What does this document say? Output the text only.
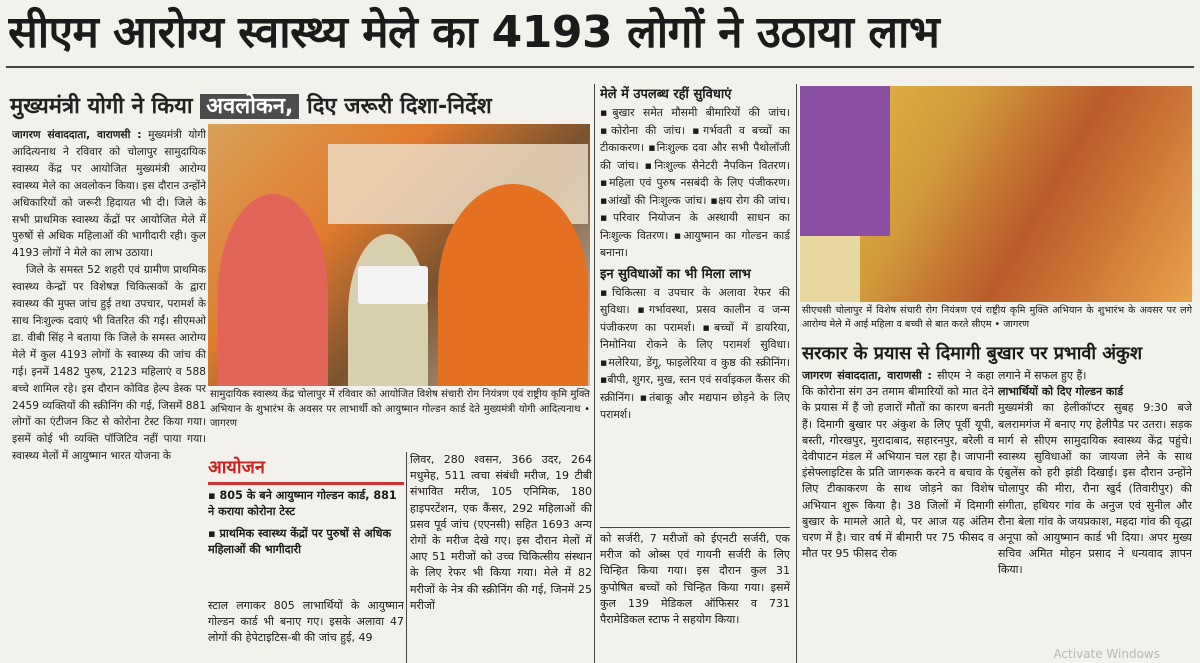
सीएम आरोग्य स्वास्थ्य मेले का 4193 लोगों ने उठाया लाभ
मुख्यमंत्री योगी ने किया अवलोकन, दिए जरूरी दिशा-निर्देश

जागरण संवाददाता, वाराणसी : मुख्यमंत्री योगी आदित्यनाथ ने रविवार को चोलापुर सामुदायिक स्वास्थ्य केंद्र पर आयोजित मुख्यमंत्री आरोग्य स्वास्थ्य मेले का अवलोकन किया। इस दौरान उन्होंने अधिकारियों को जरूरी हिदायत भी दी। जिले के सभी प्राथमिक स्वास्थ्य केंद्रों पर आयोजित मेले में पुरुषों से अधिक महिलाओं की भागीदारी रही। कुल 4193 लोगों ने मेले का लाभ उठाया।

जिले के समस्त 52 शहरी एवं ग्रामीण प्राथमिक स्वास्थ्य केन्द्रों पर विशेषज्ञ चिकित्सकों के द्वारा स्वास्थ्य की मुफ्त जांच हुई तथा उपचार, परामर्श के साथ निःशुल्क दवाएं भी वितरित की गईं। सीएमओ डा. वीबी सिंह ने बताया कि जिले के समस्त आरोग्य मेले में कुल 4193 लोगों के स्वास्थ्य की जांच की गई। इनमें 1482 पुरुष, 2123 महिलाएं व 588 बच्चे शामिल रहे। इस दौरान कोविड हेल्प डेस्क पर 2459 व्यक्तियों की स्क्रीनिंग की गई, जिसमें 881 लोगों का एंटीजन किट से कोरोना टेस्ट किया गया। इसमें कोई भी व्यक्ति पॉजिटिव नहीं पाया गया। स्वास्थ्य मेलों में आयुष्मान भारत योजना के

सामुदायिक स्वास्थ्य केंद्र चोलापुर में रविवार को आयोजित विशेष संचारी रोग नियंत्रण एवं राष्ट्रीय कृमि मुक्ति अभियान के शुभारंभ के अवसर पर लाभार्थी को आयुष्मान गोल्डन कार्ड देते मुख्यमंत्री योगी आदित्यनाथ • जागरण
आयोजन
▪ 805 के बने आयुष्मान गोल्डन कार्ड, 881 ने कराया कोरोना टेस्ट
▪ प्राथमिक स्वास्थ्य केंद्रों पर पुरुषों से अधिक महिलाओं की भागीदारी
स्टाल लगाकर 805 लाभार्थियों के आयुष्मान गोल्डन कार्ड भी बनाए गए। इसके अलावा 47 लोगों की हेपेटाइटिस-बी की जांच हुई, 49
लिवर, 280 श्वसन, 366 उदर, 264 मधुमेह, 511 त्वचा संबंधी मरीज, 19 टीबी संभावित मरीज, 105 एनिमिक, 180 हाइपरटेंशन, एक कैंसर, 292 महिलाओं की प्रसव पूर्व जांच (एएनसी) सहित 1693 अन्य रोगों के मरीज देखे गए। इस दौरान मेलों में आए 51 मरीजों को उच्च चिकित्सीय संस्थान के लिए रेफर भी किया गया। मेले में 82 मरीजों के नेत्र की स्क्रीनिंग की गई, जिनमें 25 मरीजों
मेले में उपलब्ध रहीं सुविधाएं
▪बुखार समेत मौसमी बीमारियों की जांच। ▪कोरोना की जांच। ▪गर्भवती व बच्चों का टीकाकरण। ▪निःशुल्क दवा और सभी पैथोलॉजी की जांच। ▪निःशुल्क सैनेटरी नैपकिन वितरण। ▪महिला एवं पुरुष नसबंदी के लिए पंजीकरण। ▪आंखों की निःशुल्क जांच। ▪क्षय रोग की जांच। ▪परिवार नियोजन के अस्थायी साधन का निःशुल्क वितरण। ▪आयुष्मान का गोल्डन कार्ड बनाना।
इन सुविधाओं का भी मिला लाभ
▪चिकित्सा व उपचार के अलावा रेफर की सुविधा। ▪गर्भावस्था, प्रसव कालीन व जन्म पंजीकरण का परामर्श। ▪बच्चों में डायरिया, निमोनिया रोकने के लिए परामर्श सुविधा। ▪मलेरिया, डेंगू, फाइलेरिया व कुष्ठ की स्क्रीनिंग। ▪बीपी, शुगर, मुख, स्तन एवं सर्वाइकल कैंसर की स्क्रीनिंग। ▪तंबाकू और मद्यपान छोड़ने के लिए परामर्श।
को सर्जरी, 7 मरीजों को ईएनटी सर्जरी, एक मरीज को ओब्स एवं गायनी सर्जरी के लिए चिन्हित किया गया। इस दौरान कुल 31 कुपोषित बच्चों को चिन्हित किया गया। इसमें कुल 139 मेडिकल ऑफिसर व 731 पैरामेडिकल स्टाफ ने सहयोग किया।
सीएचसी चोलापुर में विशेष संचारी रोग नियंत्रण एवं राष्ट्रीय कृमि मुक्ति अभियान के शुभारंभ के अवसर पर लगे आरोग्य मेले में आई महिला व बच्ची से बात करते सीएम • जागरण
सरकार के प्रयास से दिमागी बुखार पर प्रभावी अंकुश
जागरण संवाददाता, वाराणसी : सीएम ने कहा कि कोरोना संग उन तमाम बीमारियों को मात देने के प्रयास में हैं जो हजारों मौतों का कारण बनती हैं। दिमागी बुखार पर अंकुश के लिए पूर्वी यूपी, बस्ती, गोरखपुर, मुरादाबाद, सहारनपुर, बरेली व देवीपाटन मंडल में अभियान चल रहा है। जापानी इंसेफ्लाइटिस के प्रति जागरूक करने व बचाव के लिए टीकाकरण के साथ जोड़ने का विशेष अभियान शुरू किया है। 38 जिलों में दिमागी बुखार के मामले आते थे, पर आज यह अंतिम चरण में है। चार वर्ष में बीमारी पर 75 फीसद व मौत पर 95 फीसद रोक
लगाने में सफल हुए हैं।
लाभार्थियों को दिए गोल्डन कार्ड
मुख्यमंत्री का हेलीकॉप्टर सुबह 9:30 बजे बलरामगंज में बनाए गए हेलीपैड पर उतरा। सड़क मार्ग से सीएम सामुदायिक स्वास्थ्य केंद्र पहुंचे। स्वास्थ्य सुविधाओं का जायजा लेने के साथ एंबुलेंस को हरी झंडी दिखाई। इस दौरान उन्होंने चोलापुर की मीरा, रौना खुर्द (तिवारीपुर) की संगीता, हथियर गांव के अनुज एवं सुनील और रौना बेला गांव के जयप्रकाश, महदा गांव की वृद्धा अनूपा को आयुष्मान कार्ड भी दिया। अपर मुख्य सचिव अमित मोहन प्रसाद ने धन्यवाद ज्ञापन किया।
Activate Windows
